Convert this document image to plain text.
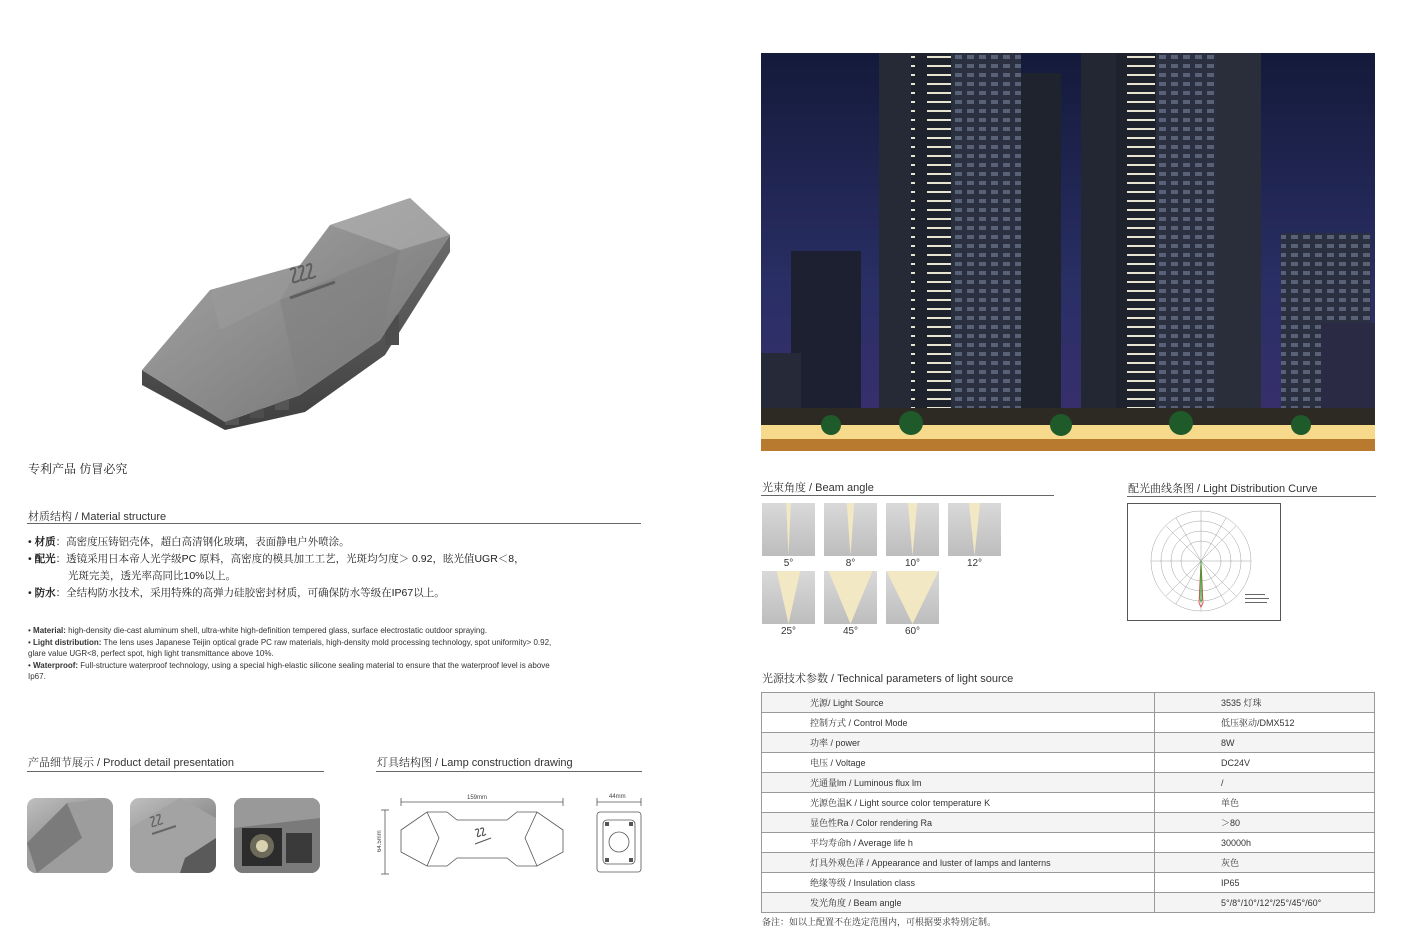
专利产品 仿冒必究
材质结构 / Material structure
• 材质：高密度压铸铝壳体，超白高清钢化玻璃，表面静电户外喷涂。
• 配光：透镜采用日本帝人光学级PC 原料，高密度的模具加工工艺，光斑均匀度＞ 0.92，眩光值UGR＜8，
光斑完美，透光率高同比10%以上。
• 防水：全结构防水技术，采用特殊的高弹力硅胶密封材质，可确保防水等级在IP67以上。
• Material: high-density die-cast aluminum shell, ultra-white high-definition tempered glass, surface electrostatic outdoor spraying.
• Light distribution: The lens uses Japanese Teijin optical grade PC raw materials, high-density mold processing technology, spot uniformity> 0.92, glare value UGR<8, perfect spot, high light transmittance above 10%.
• Waterproof: Full-structure waterproof technology, using a special high-elastic silicone sealing material to ensure that the waterproof level is above Ip67.
产品细节展示 / Product detail presentation	灯具结构图 / Lamp construction drawing
159mm	44mm
64.5mm
光束角度 / Beam angle
5°	8°	10°	12°
25°	45°	60°
配光曲线条图 / Light Distribution Curve
光源技术参数 / Technical parameters of light source
光源/ Light Source	3535 灯珠
控制方式 / Control Mode	低压驱动/DMX512
功率 / power	8W
电压 / Voltage	DC24V
光通量lm / Luminous flux lm	/
光源色温K / Light source color temperature K	单色
显色性Ra / Color rendering Ra	＞80
平均寿命h / Average life h	30000h
灯具外观色泽 / Appearance and luster of lamps and lanterns	灰色
绝缘等级 / Insulation class	IP65
发光角度 / Beam angle	5°/8°/10°/12°/25°/45°/60°
备注：如以上配置不在选定范围内，可根据要求特别定制。
